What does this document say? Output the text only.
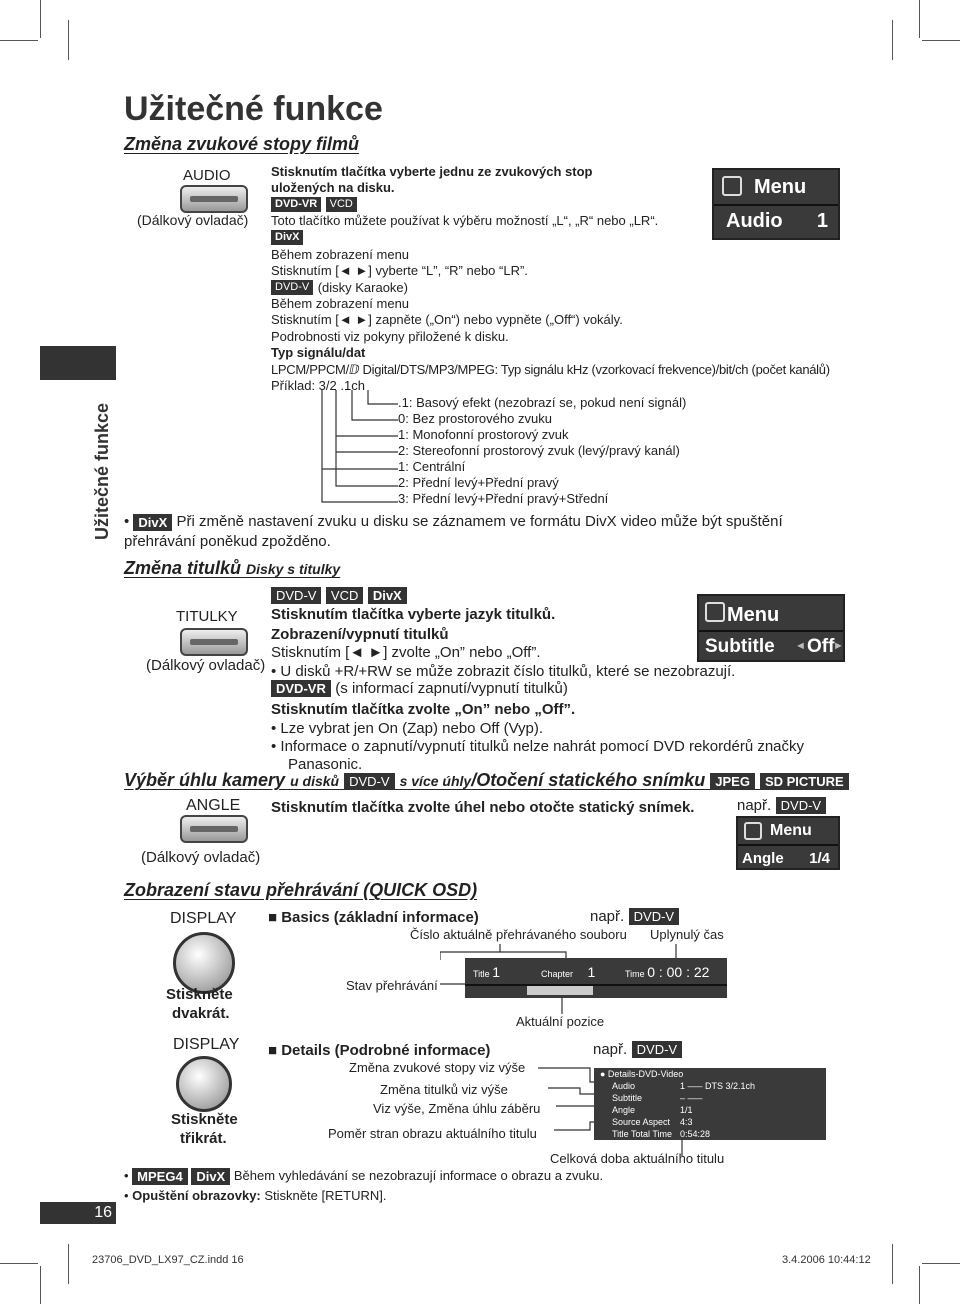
Užitečné funkce
16
Užitečné funkce
Změna zvukové stopy filmů
AUDIO
(Dálkový ovladač)
Stisknutím tlačítka vyberte jednu ze zvukových stop
uložených na disku.
DVD-VR VCD
Toto tlačítko můžete používat k výběru možností „L“, „R“ nebo „LR“.
DivX
Během zobrazení menu
Stisknutím [◄ ►] vyberte “L”, “R” nebo “LR”.
DVD-V (disky Karaoke)
Během zobrazení menu
Stisknutím [◄ ►] zapněte („On“) nebo vypněte („Off“) vokály.
Podrobnosti viz pokyny přiložené k disku.
Typ signálu/dat
LPCM/PPCM/ⅅ Digital/DTS/MP3/MPEG: Typ signálu kHz (vzorkovací frekvence)/bit/ch (počet kanálů)
Příklad: 3/2 .1ch
.1: Basový efekt (nezobrazí se, pokud není signál)
0: Bez prostorového zvuku
1: Monofonní prostorový zvuk
2: Stereofonní prostorový zvuk (levý/pravý kanál)
1: Centrální
2: Přední levý+Přední pravý
3: Přední levý+Přední pravý+Střední
• DivX Při změně nastavení zvuku u disku se záznamem ve formátu DivX video může být spuštění
přehrávání poněkud zpožděno.
Menu
Audio 1
Změna titulků Disky s titulky
DVD-V VCD DivX
TITULKY
(Dálkový ovladač)
Stisknutím tlačítka vyberte jazyk titulků.
Zobrazení/vypnutí titulků
Stisknutím [◄ ►] zvolte „On” nebo „Off”.
• U disků +R/+RW se může zobrazit číslo titulků, které se nezobrazují.
DVD-VR (s informací zapnutí/vypnutí titulků)
Stisknutím tlačítka zvolte „On” nebo „Off”.
• Lze vybrat jen On (Zap) nebo Off (Vyp).
• Informace o zapnutí/vypnutí titulků nelze nahrát pomocí DVD rekordérů značky
Panasonic.
Menu
Subtitle ◄ Off
►
Výběr úhlu kamery u disků DVD-V s více úhly/Otočení statického snímku JPEG SD PICTURE
ANGLE
(Dálkový ovladač)
Stisknutím tlačítka zvolte úhel nebo otočte statický snímek.	např. DVD-V
Menu
Angle 1/4
Zobrazení stavu přehrávání (QUICK OSD)
DISPLAY
Stiskněte
dvakrát.
DISPLAY
Stiskněte
třikrát.
■ Basics (základní informace)	např. DVD-V
Číslo aktuálně přehrávaného souboru Uplynulý čas
Stav přehrávání
Title 1	Chapter 1	Time 0 : 00 : 22
Aktuální pozice
■ Details (Podrobné informace)	např. DVD-V
Změna zvukové stopy viz výše
Změna titulků viz výše
Viz výše, Změna úhlu záběru
Poměr stran obrazu aktuálního titulu
● Details-DVD-Video
Audio	1 ––– DTS 3/2.1ch
Subtitle	– –––
Angle	1/1
Source Aspect 4:3
Title Total Time 0:54:28
Celková doba aktuálního titulu
• MPEG4 DivX Během vyhledávání se nezobrazují informace o obrazu a zvuku.
• Opuštění obrazovky: Stiskněte [RETURN].
23706_DVD_LX97_CZ.indd 16	3.4.2006 10:44:12
